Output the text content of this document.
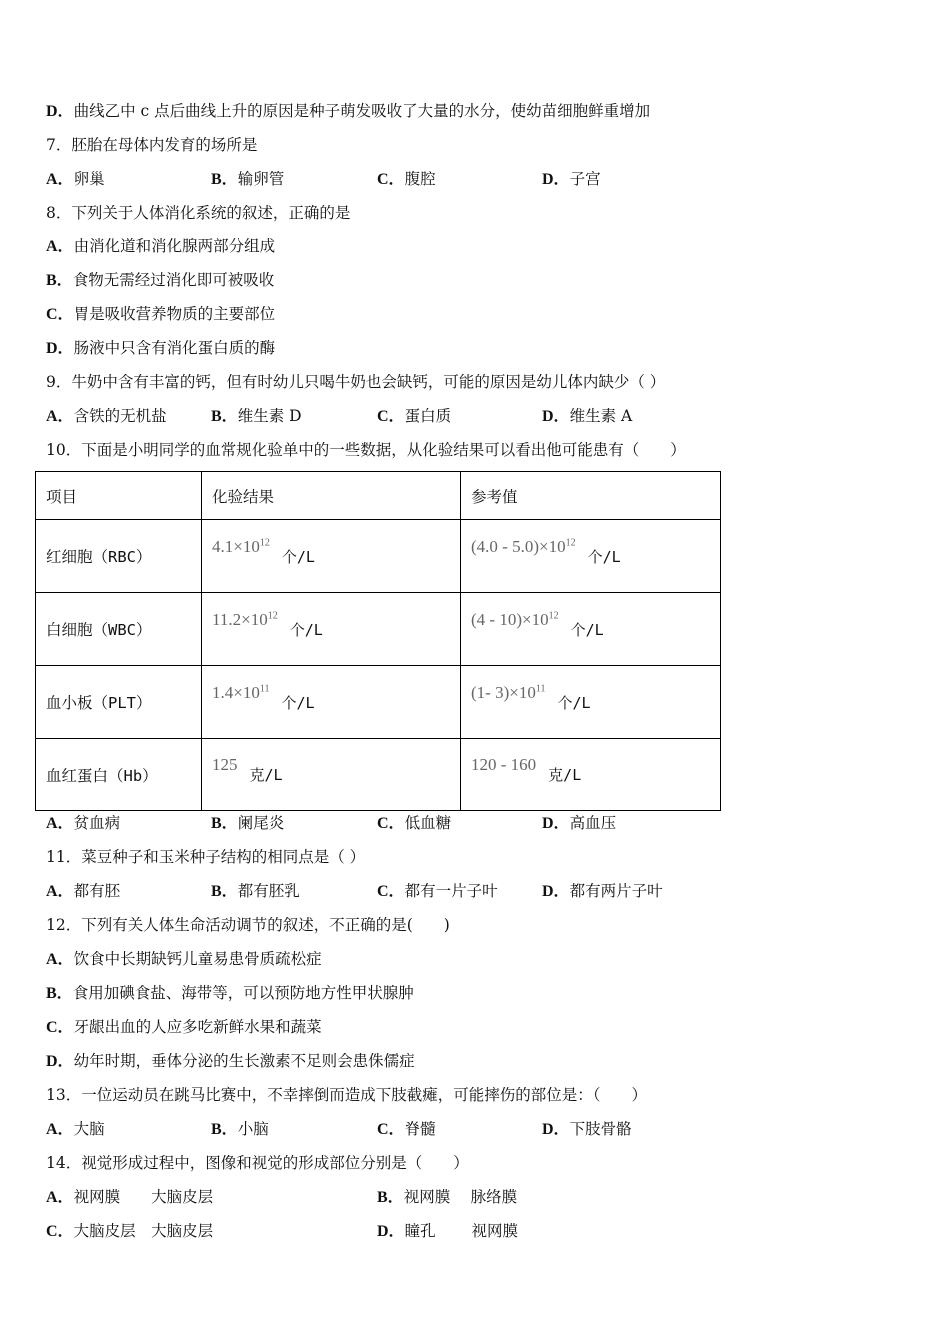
D．曲线乙中 c 点后曲线上升的原因是种子萌发吸收了大量的水分，使幼苗细胞鲜重增加
7．胚胎在母体内发育的场所是
A．卵巢	B．输卵管	C．腹腔	D．子宫
8．下列关于人体消化系统的叙述，正确的是
A．由消化道和消化腺两部分组成
B．食物无需经过消化即可被吸收
C．胃是吸收营养物质的主要部位
D．肠液中只含有消化蛋白质的酶
9．牛奶中含有丰富的钙，但有时幼儿只喝牛奶也会缺钙，可能的原因是幼儿体内缺少（ ）
A．含铁的无机盐	B．维生素 D	C．蛋白质	D．维生素 A
10．下面是小明同学的血常规化验单中的一些数据，从化验结果可以看出他可能患有（　　）
项目	化验结果	参考值
红细胞（RBC）	$4.1\times 10^{12}$个/L	$(4.0 - 5.0)\times 10^{12}$个/L
白细胞（WBC）	$11.2\times 10^{12}$个/L	$(4 - 10)\times 10^{12}$个/L
血小板（PLT）	$1.4\times 10^{11}$个/L	(1- $3)\times 10^{11}$个/L
血红蛋白（Hb）	125克/L	120 - 160克/L
A．贫血病	B．阑尾炎	C．低血糖	D．高血压
11．菜豆种子和玉米种子结构的相同点是（ ）
A．都有胚	B．都有胚乳	C．都有一片子叶	D．都有两片子叶
12．下列有关人体生命活动调节的叙述，不正确的是(　　)
A．饮食中长期缺钙儿童易患骨质疏松症
B．食用加碘食盐、海带等，可以预防地方性甲状腺肿
C．牙龈出血的人应多吃新鲜水果和蔬菜
D．幼年时期，垂体分泌的生长激素不足则会患侏儒症
13．一位运动员在跳马比赛中，不幸摔倒而造成下肢截瘫，可能摔伤的部位是：（　　）
A．大脑	B．小脑	C．脊髓	D．下肢骨骼
14．视觉形成过程中，图像和视觉的形成部位分别是（　　）
A．视网膜　　大脑皮层	B．视网膜　 脉络膜
C．大脑皮层　大脑皮层	D．瞳孔　　 视网膜
